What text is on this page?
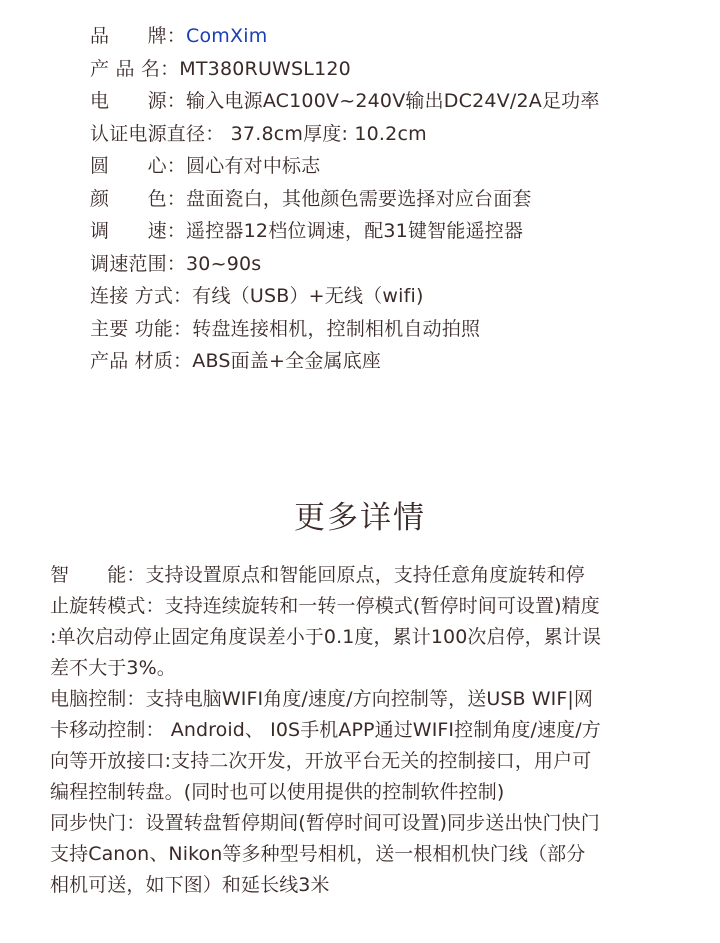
品　　牌：ComXim
产 品 名：MT380RUWSL120
电　　源：输入电源AC100V~240V输出DC24V/2A足功率
认证电源直径： 37.8cm厚度: 10.2cm
圆　　心：圆心有对中标志
颜　　色：盘面瓷白，其他颜色需要选择对应台面套
调　　速：遥控器12档位调速，配31键智能遥控器
调速范围：30~90s
连接 方式：有线（USB）+无线（wifi)
主要 功能：转盘连接相机，控制相机自动拍照
产品 材质：ABS面盖+全金属底座
更多详情
智　　能：支持设置原点和智能回原点，支持任意角度旋转和停
止旋转模式：支持连续旋转和一转一停模式(暂停时间可设置)精度
:单次启动停止固定角度误差小于0.1度，累计100次启停，累计误
差不大于3%。
电脑控制：支持电脑WIFI角度/速度/方向控制等，送USB WIF|网
卡移动控制： Android、 I0S手机APP通过WIFI控制角度/速度/方
向等开放接口:支持二次开发，开放平台无关的控制接口，用户可
编程控制转盘。(同时也可以使用提供的控制软件控制)
同步快门：设置转盘暂停期间(暂停时间可设置)同步送出快门快门
支持Canon、Nikon等多种型号相机，送一根相机快门线（部分
相机可送，如下图）和延长线3米
